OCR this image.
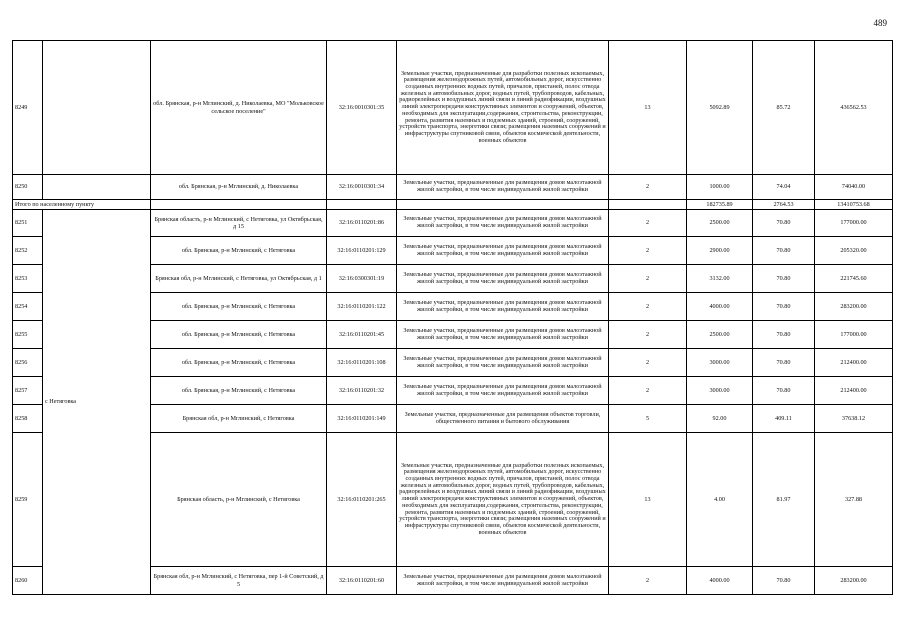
489
8249		обл. Брянская, р-н Мглинский, д. Николаевка, МО "Мольковское сельское поселение"	32:16:0010301:35	Земельные участки, предназначенные для разработки полезных ископаемых, размещения железнодорожных путей, автомобильных дорог, искусственно созданных внутренних водных путей, причалов, пристаней, полос отвода железных и автомобильных дорог, водных путей, трубопроводов, кабельных, радиорелейных и воздушных линий связи и линий радиофикации, воздушных линий электропередачи конструктивных элементов и сооружений, объектов, необходимых для эксплуатации,содержания, строительства, реконструкции, ремонта, развития наземных и подземных зданий, строений, сооружений, устройств транспорта, энергетики связи; размещения наземных сооружений и инфраструктуры спутниковой связи, объектов космической деятельности, военных объектов	13	5092.89	85.72	436562.53
8250		обл. Брянская, р-н Мглинский, д. Николаевка	32:16:0010301:34	Земельные участки, предназначенные для размещения домов малоэтажной жилой застройки, в том числе индивидуальной жилой застройки	2	1000.00	74.04	74040.00
Итого по населенному пункту						182735.89	2764.53	13410753.68
8251	с Нетяговка	Брянская область, р-н Мглинский, с Нетяговка, ул Октябрьская, д 15	32:16:0110201:86	Земельные участки, предназначенные для размещения домов малоэтажной жилой застройки, в том числе индивидуальной жилой застройки	2	2500.00	70.80	177000.00
8252		обл. Брянская, р-н Мглинский, с Нетяговка	32:16:0110201:129	Земельные участки, предназначенные для размещения домов малоэтажной жилой застройки, в том числе индивидуальной жилой застройки	2	2900.00	70.80	205320.00
8253		Брянская обл, р-н Мглинский, с Нетяговка, ул Октябрьская, д 1	32:16:0300301:19	Земельные участки, предназначенные для размещения домов малоэтажной жилой застройки, в том числе индивидуальной жилой застройки	2	3132.00	70.80	221745.60
8254		обл. Брянская, р-н Мглинский, с Нетяговка	32:16:0110201:122	Земельные участки, предназначенные для размещения домов малоэтажной жилой застройки, в том числе индивидуальной жилой застройки	2	4000.00	70.80	283200.00
8255		обл. Брянская, р-н Мглинский, с Нетяговка	32:16:0110201:45	Земельные участки, предназначенные для размещения домов малоэтажной жилой застройки, в том числе индивидуальной жилой застройки	2	2500.00	70.80	177000.00
8256		обл. Брянская, р-н Мглинский, с Нетяговка	32:16:0110201:108	Земельные участки, предназначенные для размещения домов малоэтажной жилой застройки, в том числе индивидуальной жилой застройки	2	3000.00	70.80	212400.00
8257		обл. Брянская, р-н Мглинский, с Нетяговка	32:16:0110201:32	Земельные участки, предназначенные для размещения домов малоэтажной жилой застройки, в том числе индивидуальной жилой застройки	2	3000.00	70.80	212400.00
8258		Брянская обл, р-н Мглинский, с Нетяговка	32:16:0110201:149	Земельные участки, предназначенные для размещения объектов торговли, общественного питания и бытового обслуживания	5	92.00	409.11	37638.12
8259		Брянская область, р-н Мглинский, с Нетяговка	32:16:0110201:265	Земельные участки, предназначенные для разработки полезных ископаемых, размещения железнодорожных путей, автомобильных дорог, искусственно созданных внутренних водных путей, причалов, пристаней, полос отвода железных и автомобильных дорог, водных путей, трубопроводов, кабельных, радиорелейных и воздушных линий связи и линий радиофикации, воздушных линий электропередачи конструктивных элементов и сооружений, объектов, необходимых для эксплуатации,содержания, строительства, реконструкции, ремонта, развития наземных и подземных зданий, строений, сооружений, устройств транспорта, энергетики связи; размещения наземных сооружений и инфраструктуры спутниковой связи, объектов космической деятельности, военных объектов	13	4.00	81.97	327.88
8260		Брянская обл, р-н Мглинский, с Нетяговка, пер 1-й Советский, д 5	32:16:0110201:60	Земельные участки, предназначенные для размещения домов малоэтажной жилой застройки, в том числе индивидуальной жилой застройки	2	4000.00	70.80	283200.00
